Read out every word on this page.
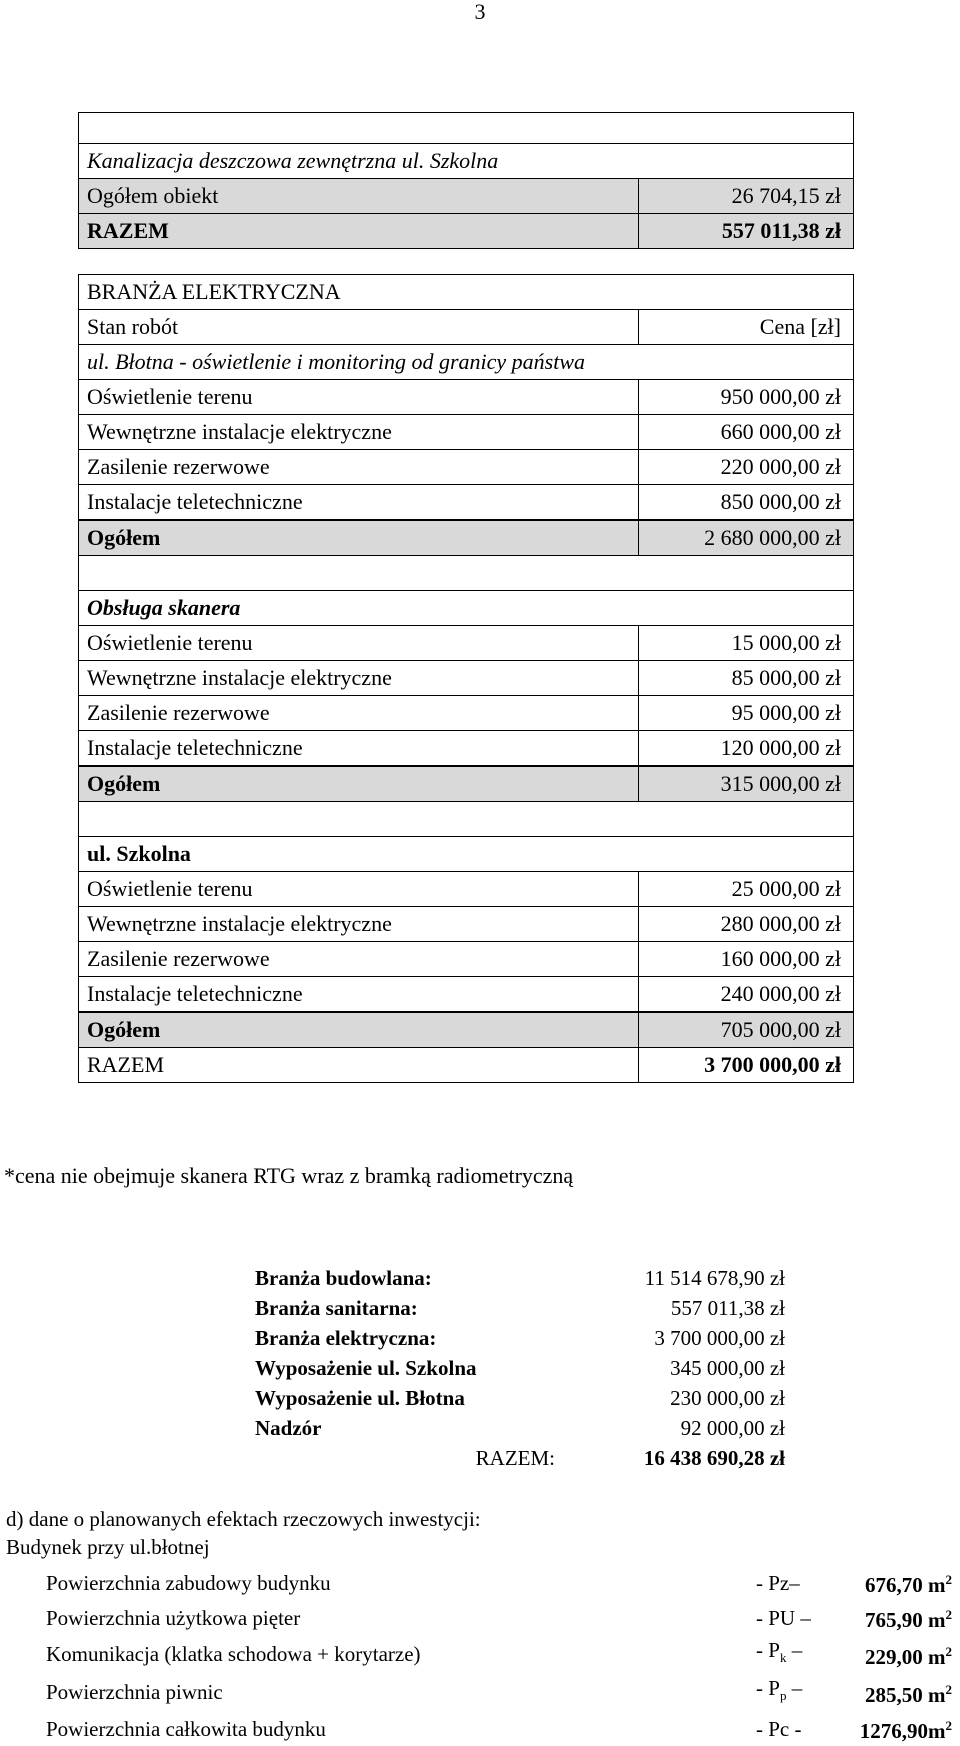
3

Kanalizacja deszczowa zewnętrzna ul. Szkolna	
Ogółem obiekt	26 704,15 zł
RAZEM	557 011,38 zł
BRANŻA ELEKTRYCZNA	
Stan robót	Cena [zł]
ul. Błotna - oświetlenie i monitoring od granicy państwa	
Oświetlenie terenu	950 000,00 zł
Wewnętrzne instalacje elektryczne	660 000,00 zł
Zasilenie rezerwowe	220 000,00 zł
Instalacje teletechniczne	850 000,00 zł
Ogółem	2 680 000,00 zł

Obsługa skanera	
Oświetlenie terenu	15 000,00 zł
Wewnętrzne instalacje elektryczne	85 000,00 zł
Zasilenie rezerwowe	95 000,00 zł
Instalacje teletechniczne	120 000,00 zł
Ogółem	315 000,00 zł

ul. Szkolna	
Oświetlenie terenu	25 000,00 zł
Wewnętrzne instalacje elektryczne	280 000,00 zł
Zasilenie rezerwowe	160 000,00 zł
Instalacje teletechniczne	240 000,00 zł
Ogółem	705 000,00 zł
RAZEM	3 700 000,00 zł
*cena nie obejmuje skanera RTG wraz z bramką radiometryczną
Branża budowlana:	11 514 678,90 zł
Branża sanitarna:	557 011,38 zł
Branża elektryczna:	3 700 000,00 zł
Wyposażenie ul. Szkolna	345 000,00 zł
Wyposażenie ul. Błotna	230 000,00 zł
Nadzór	92 000,00 zł
RAZEM:	16 438 690,28 zł
d) dane o planowanych efektach rzeczowych inwestycji:
Budynek przy ul.błotnej
Powierzchnia zabudowy budynku	- Pz–	676,70 $m^2$
Powierzchnia użytkowa pięter	- PU –	765,90 $m^2$
Komunikacja (klatka schodowa + korytarze)	- $P_k$ –	229,00 $m^2$
Powierzchnia piwnic	- $P_p$ –	285,50 $m^2$
Powierzchnia całkowita budynku	- Pc -	$1276,90m^2$
